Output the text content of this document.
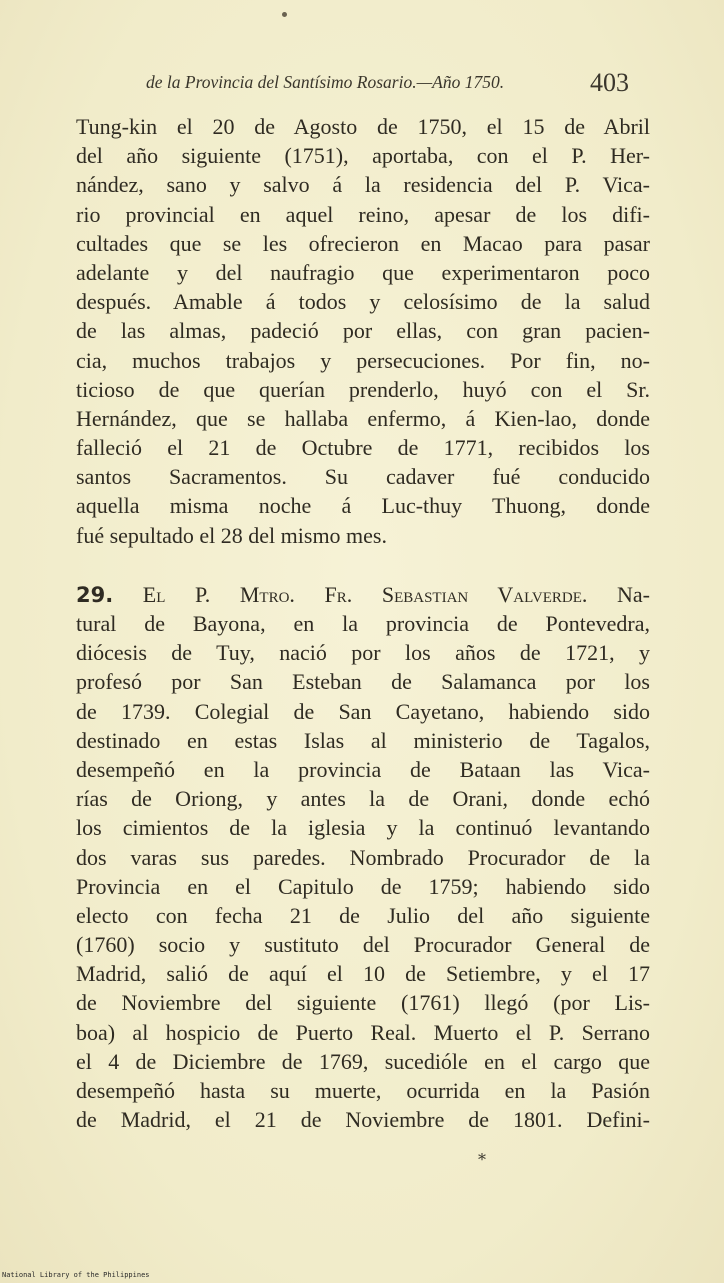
de la Provincia del Santísimo Rosario.—Año 1750.	403
Tung-kin el 20 de Agosto de 1750, el 15 de Abril
del año siguiente (1751), aportaba, con el P. Her-
nández, sano y salvo á la residencia del P. Vica-
rio provincial en aquel reino, apesar de los difi-
cultades que se les ofrecieron en Macao para pasar
adelante y del naufragio que experimentaron poco
después. Amable á todos y celosísimo de la salud
de las almas, padeció por ellas, con gran pacien-
cia, muchos trabajos y persecuciones. Por fin, no-
ticioso de que querían prenderlo, huyó con el Sr.
Hernández, que se hallaba enfermo, á Kien-lao, donde
falleció el 21 de Octubre de 1771, recibidos los
santos Sacramentos. Su cadaver fué conducido
aquella misma noche á Luc-thuy Thuong, donde
fué sepultado el 28 del mismo mes.
29. El P. Mtro. Fr. Sebastian Valverde. Na-
tural de Bayona, en la provincia de Pontevedra,
diócesis de Tuy, nació por los años de 1721, y
profesó por San Esteban de Salamanca por los
de 1739. Colegial de San Cayetano, habiendo sido
destinado en estas Islas al ministerio de Tagalos,
desempeñó en la provincia de Bataan las Vica-
rías de Oriong, y antes la de Orani, donde echó
los cimientos de la iglesia y la continuó levantando
dos varas sus paredes. Nombrado Procurador de la
Provincia en el Capitulo de 1759; habiendo sido
electo con fecha 21 de Julio del año siguiente
(1760) socio y sustituto del Procurador General de
Madrid, salió de aquí el 10 de Setiembre, y el 17
de Noviembre del siguiente (1761) llegó (por Lis-
boa) al hospicio de Puerto Real. Muerto el P. Serrano
el 4 de Diciembre de 1769, sucedióle en el cargo que
desempeñó hasta su muerte, ocurrida en la Pasión
de Madrid, el 21 de Noviembre de 1801. Defini-
*
National Library of the Philippines
